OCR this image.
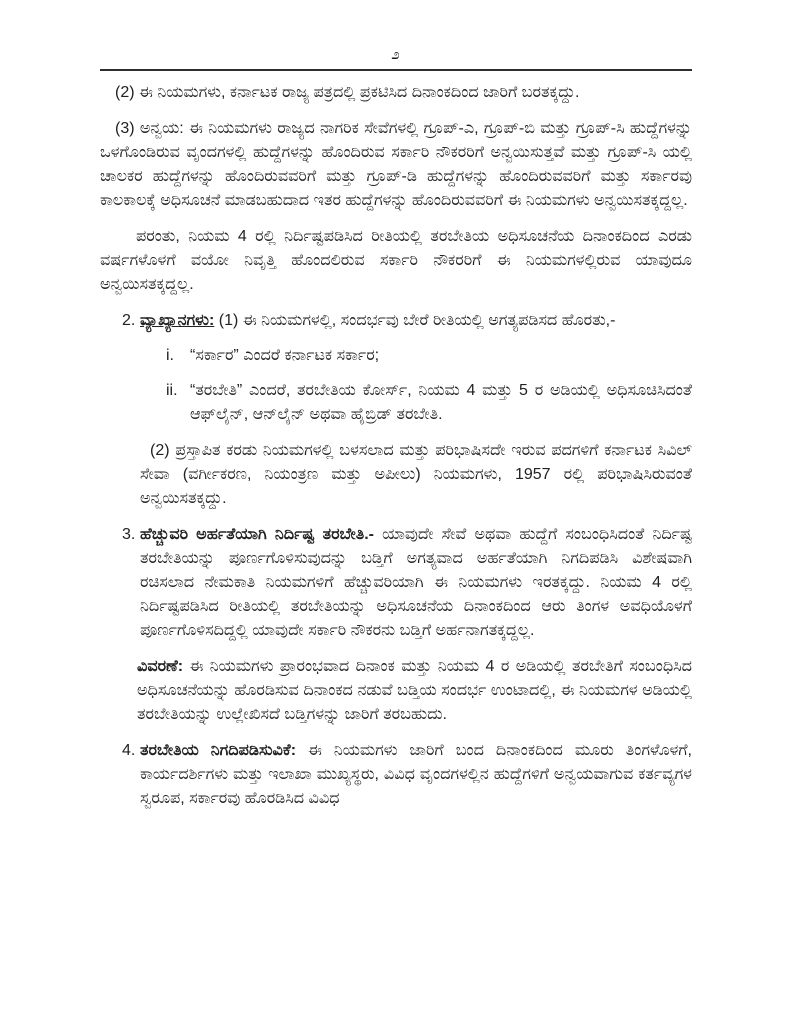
೨

(2) ಈ ನಿಯಮಗಳು, ಕರ್ನಾಟಕ ರಾಜ್ಯ ಪತ್ರದಲ್ಲಿ ಪ್ರಕಟಿಸಿದ ದಿನಾಂಕದಿಂದ ಜಾರಿಗೆ ಬರತಕ್ಕದ್ದು.

(3) ಅನ್ವಯ: ಈ ನಿಯಮಗಳು ರಾಜ್ಯದ ನಾಗರಿಕ ಸೇವೆಗಳಲ್ಲಿ ಗ್ರೂಪ್-ಎ, ಗ್ರೂಪ್-ಬಿ ಮತ್ತು ಗ್ರೂಪ್-ಸಿ ಹುದ್ದೆಗಳನ್ನು ಒಳಗೊಂಡಿರುವ ವೃಂದಗಳಲ್ಲಿ ಹುದ್ದೆಗಳನ್ನು ಹೊಂದಿರುವ ಸರ್ಕಾರಿ ನೌಕರರಿಗೆ ಅನ್ವಯಿಸುತ್ತವೆ ಮತ್ತು ಗ್ರೂಪ್-ಸಿ ಯಲ್ಲಿ ಚಾಲಕರ ಹುದ್ದೆಗಳನ್ನು ಹೊಂದಿರುವವರಿಗೆ ಮತ್ತು ಗ್ರೂಪ್-ಡಿ ಹುದ್ದೆಗಳನ್ನು ಹೊಂದಿರುವವರಿಗೆ ಮತ್ತು ಸರ್ಕಾರವು ಕಾಲಕಾಲಕ್ಕೆ ಅಧಿಸೂಚನೆ ಮಾಡಬಹುದಾದ ಇತರ ಹುದ್ದೆಗಳನ್ನು ಹೊಂದಿರುವವರಿಗೆ ಈ ನಿಯಮಗಳು ಅನ್ವಯಿಸತಕ್ಕದ್ದಲ್ಲ.

ಪರಂತು, ನಿಯಮ 4 ರಲ್ಲಿ ನಿರ್ದಿಷ್ಟಪಡಿಸಿದ ರೀತಿಯಲ್ಲಿ ತರಬೇತಿಯ ಅಧಿಸೂಚನೆಯ ದಿನಾಂಕದಿಂದ ಎರಡು ವರ್ಷಗಳೊಳಗೆ ವಯೋ ನಿವೃತ್ತಿ ಹೊಂದಲಿರುವ ಸರ್ಕಾರಿ ನೌಕರರಿಗೆ ಈ ನಿಯಮಗಳಲ್ಲಿರುವ ಯಾವುದೂ ಅನ್ವಯಿಸತಕ್ಕದ್ದಲ್ಲ.

2. ವ್ಯಾಖ್ಯಾನಗಳು: (1) ಈ ನಿಯಮಗಳಲ್ಲಿ, ಸಂದರ್ಭವು ಬೇರೆ ರೀತಿಯಲ್ಲಿ ಅಗತ್ಯಪಡಿಸದ ಹೊರತು,-
i.	“ಸರ್ಕಾರ” ಎಂದರೆ ಕರ್ನಾಟಕ ಸರ್ಕಾರ;
ii. “ತರಬೇತಿ” ಎಂದರೆ, ತರಬೇತಿಯ ಕೋರ್ಸ್, ನಿಯಮ 4 ಮತ್ತು 5 ರ ಅಡಿಯಲ್ಲಿ ಅಧಿಸೂಚಿಸಿದಂತೆ ಆಫ್‌ಲೈನ್, ಆನ್‌ಲೈನ್ ಅಥವಾ ಹೈಬ್ರಿಡ್ ತರಬೇತಿ.
(2) ಪ್ರಸ್ತಾಪಿತ ಕರಡು ನಿಯಮಗಳಲ್ಲಿ ಬಳಸಲಾದ ಮತ್ತು ಪರಿಭಾಷಿಸದೇ ಇರುವ ಪದಗಳಿಗೆ ಕರ್ನಾಟಕ ಸಿವಿಲ್ ಸೇವಾ (ವರ್ಗೀಕರಣ, ನಿಯಂತ್ರಣ ಮತ್ತು ಅಪೀಲು) ನಿಯಮಗಳು, 1957 ರಲ್ಲಿ ಪರಿಭಾಷಿಸಿರುವಂತೆ ಅನ್ವಯಿಸತಕ್ಕದ್ದು.
3. ಹೆಚ್ಚುವರಿ ಅರ್ಹತೆಯಾಗಿ ನಿರ್ದಿಷ್ಟ ತರಬೇತಿ.- ಯಾವುದೇ ಸೇವೆ ಅಥವಾ ಹುದ್ದೆಗೆ ಸಂಬಂಧಿಸಿದಂತೆ ನಿರ್ದಿಷ್ಟ ತರಬೇತಿಯನ್ನು ಪೂರ್ಣಗೊಳಿಸುವುದನ್ನು ಬಡ್ತಿಗೆ ಅಗತ್ಯವಾದ ಅರ್ಹತೆಯಾಗಿ ನಿಗದಿಪಡಿಸಿ ವಿಶೇಷವಾಗಿ ರಚಿಸಲಾದ ನೇಮಕಾತಿ ನಿಯಮಗಳಿಗೆ ಹೆಚ್ಚುವರಿಯಾಗಿ ಈ ನಿಯಮಗಳು ಇರತಕ್ಕದ್ದು. ನಿಯಮ 4 ರಲ್ಲಿ ನಿರ್ದಿಷ್ಟಪಡಿಸಿದ ರೀತಿಯಲ್ಲಿ ತರಬೇತಿಯನ್ನು ಅಧಿಸೂಚನೆಯ ದಿನಾಂಕದಿಂದ ಆರು ತಿಂಗಳ ಅವಧಿಯೊಳಗೆ ಪೂರ್ಣಗೊಳಿಸದಿದ್ದಲ್ಲಿ ಯಾವುದೇ ಸರ್ಕಾರಿ ನೌಕರನು ಬಡ್ತಿಗೆ ಅರ್ಹನಾಗತಕ್ಕದ್ದಲ್ಲ.
ವಿವರಣೆ: ಈ ನಿಯಮಗಳು ಪ್ರಾರಂಭವಾದ ದಿನಾಂಕ ಮತ್ತು ನಿಯಮ 4 ರ ಅಡಿಯಲ್ಲಿ ತರಬೇತಿಗೆ ಸಂಬಂಧಿಸಿದ ಅಧಿಸೂಚನೆಯನ್ನು ಹೊರಡಿಸುವ ದಿನಾಂಕದ ನಡುವೆ ಬಡ್ತಿಯ ಸಂದರ್ಭ ಉಂಟಾದಲ್ಲಿ, ಈ ನಿಯಮಗಳ ಅಡಿಯಲ್ಲಿ ತರಬೇತಿಯನ್ನು ಉಲ್ಲೇಖಿಸದೆ ಬಡ್ತಿಗಳನ್ನು ಜಾರಿಗೆ ತರಬಹುದು.
4. ತರಬೇತಿಯ ನಿಗದಿಪಡಿಸುವಿಕೆ: ಈ ನಿಯಮಗಳು ಜಾರಿಗೆ ಬಂದ ದಿನಾಂಕದಿಂದ ಮೂರು ತಿಂಗಳೊಳಗೆ, ಕಾರ್ಯದರ್ಶಿಗಳು ಮತ್ತು ಇಲಾಖಾ ಮುಖ್ಯಸ್ಥರು, ವಿವಿಧ ವೃಂದಗಳಲ್ಲಿನ ಹುದ್ದೆಗಳಿಗೆ ಅನ್ವಯವಾಗುವ ಕರ್ತವ್ಯಗಳ ಸ್ವರೂಪ, ಸರ್ಕಾರವು ಹೊರಡಿಸಿದ ವಿವಿಧ
